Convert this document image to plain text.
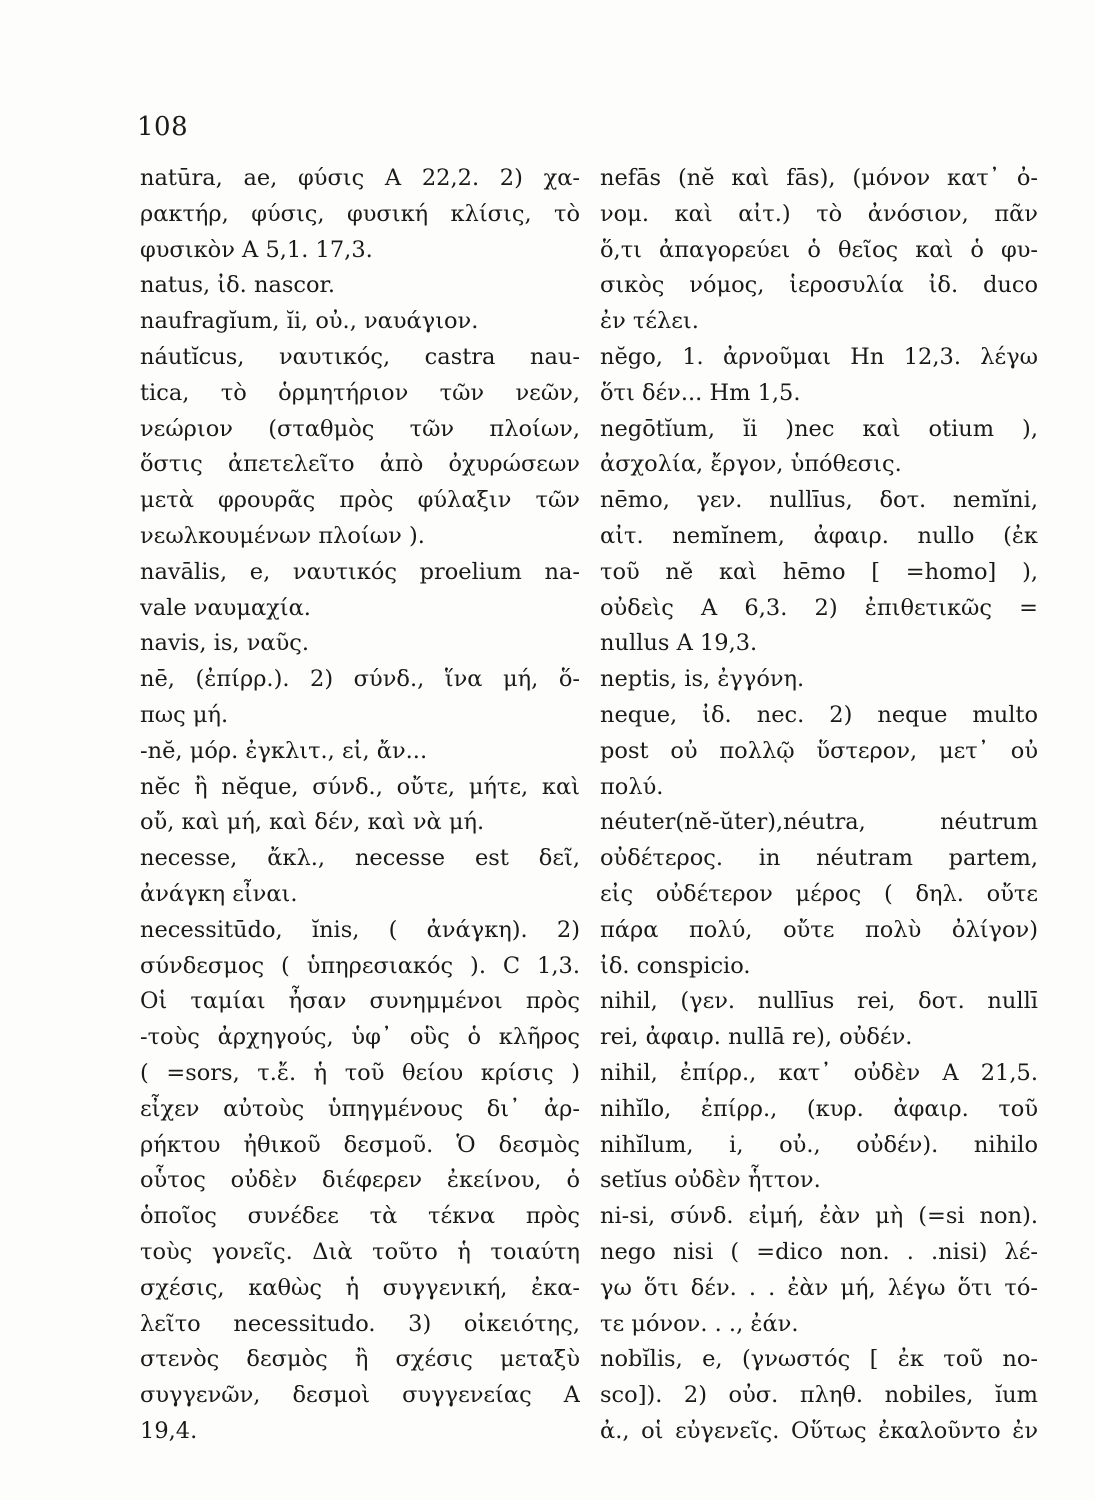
108
natūra, ae, φύσις Α 22,2. 2) χα-
ρακτήρ, φύσις, φυσική κλίσις, τὸ
φυσικὸν Α 5,1. 17,3.
natus, ἰδ. nascor.
naufragĭum, ĭi, οὐ., ναυάγιον.
náutĭcus, ναυτικός, castra nau-
tica, τὸ ὁρμητήριον τῶν νεῶν,
νεώριον (σταθμὸς τῶν πλοίων,
ὅστις ἀπετελεῖτο ἀπὸ ὀχυρώσεων
μετὰ φρουρᾶς πρὸς φύλαξιν τῶν
νεωλκουμένων πλοίων ).
navālis, e, ναυτικός proelium na-
vale ναυμαχία.
navis, is, ναῦς.
nē, (ἐπίρρ.). 2) σύνδ., ἵνα μή, ὅ-
πως μή.
-nĕ, μόρ. ἐγκλιτ., εἰ, ἄν...
nĕc ἢ nĕque, σύνδ., οὔτε, μήτε, καὶ
οὔ, καὶ μή, καὶ δέν, καὶ νὰ μή.
necesse, ἄκλ., necesse est δεῖ,
ἀνάγκη εἶναι.
necessitūdo, ĭnis, ( ἀνάγκη). 2)
σύνδεσμος ( ὑπηρεσιακός ). C 1,3.
Οἱ ταμίαι ἦσαν συνημμένοι πρὸς
-τοὺς ἀρχηγούς, ὑφ᾽ οὓς ὁ κλῆρος
( =sors, τ.ἔ. ἡ τοῦ θείου κρίσις )
εἶχεν αὐτοὺς ὑπηγμένους δι᾽ ἀρ-
ρήκτου ἠθικοῦ δεσμοῦ. Ὁ δεσμὸς
οὗτος οὐδὲν διέφερεν ἐκείνου, ὁ
ὁποῖος συνέδεε τὰ τέκνα πρὸς
τοὺς γονεῖς. Διὰ τοῦτο ἡ τοιαύτη
σχέσις, καθὼς ἡ συγγενική, ἐκα-
λεῖτο necessitudo. 3) οἰκειότης,
στενὸς δεσμὸς ἢ σχέσις μεταξὺ
συγγενῶν, δεσμοὶ συγγενείας Α
19,4.
nefās (nĕ καὶ fās), (μόνον κατ᾽ ὀ-
νομ. καὶ αἰτ.) τὸ ἀνόσιον, πᾶν
ὅ,τι ἀπαγορεύει ὁ θεῖος καὶ ὁ φυ-
σικὸς νόμος, ἱεροσυλία ἰδ. duco
ἐν τέλει.
nĕgo, 1. ἀρνοῦμαι Hn 12,3. λέγω
ὅτι δέν... Hm 1,5.
negōtĭum, ĭi )nec καὶ otium ),
ἀσχολία, ἔργον, ὑπόθεσις.
nēmo, γεν. nullīus, δοτ. nemĭni,
αἰτ. nemĭnem, ἀφαιρ. nullo (ἐκ
τοῦ nĕ καὶ hēmo [ =homo] ),
οὐδεὶς Α 6,3. 2) ἐπιθετικῶς =
nullus Α 19,3.
neptis, is, ἐγγόνη.
neque, ἰδ. nec. 2) neque multo
post οὐ πολλῷ ὕστερον, μετ᾽ οὐ
πολύ.
néuter(nĕ-ŭter),néutra, néutrum
οὐδέτερος. in néutram partem,
εἰς οὐδέτερον μέρος ( δηλ. οὔτε
πάρα πολύ, οὔτε πολὺ ὀλίγον)
ἰδ. conspicio.
nihil, (γεν. nullīus rei, δοτ. nullī
rei, ἀφαιρ. nullā re), οὐδέν.
nihil, ἐπίρρ., κατ᾽ οὐδὲν Α 21,5.
nihĭlo, ἐπίρρ., (κυρ. ἀφαιρ. τοῦ
nihĭlum, i, οὐ., οὐδέν). nihilo
setĭus οὐδὲν ἧττον.
ni-si, σύνδ. εἰμή, ἐὰν μὴ (=si non).
nego nisi ( =dico non. . .nisi) λέ-
γω ὅτι δέν. . . ἐὰν μή, λέγω ὅτι τό-
τε μόνον. . ., ἐάν.
nobĭlis, e, (γνωστός [ ἐκ τοῦ no-
sco]). 2) οὐσ. πληθ. nobiles, ĭum
ἀ., οἱ εὐγενεῖς. Οὕτως ἐκαλοῦντο ἐν
